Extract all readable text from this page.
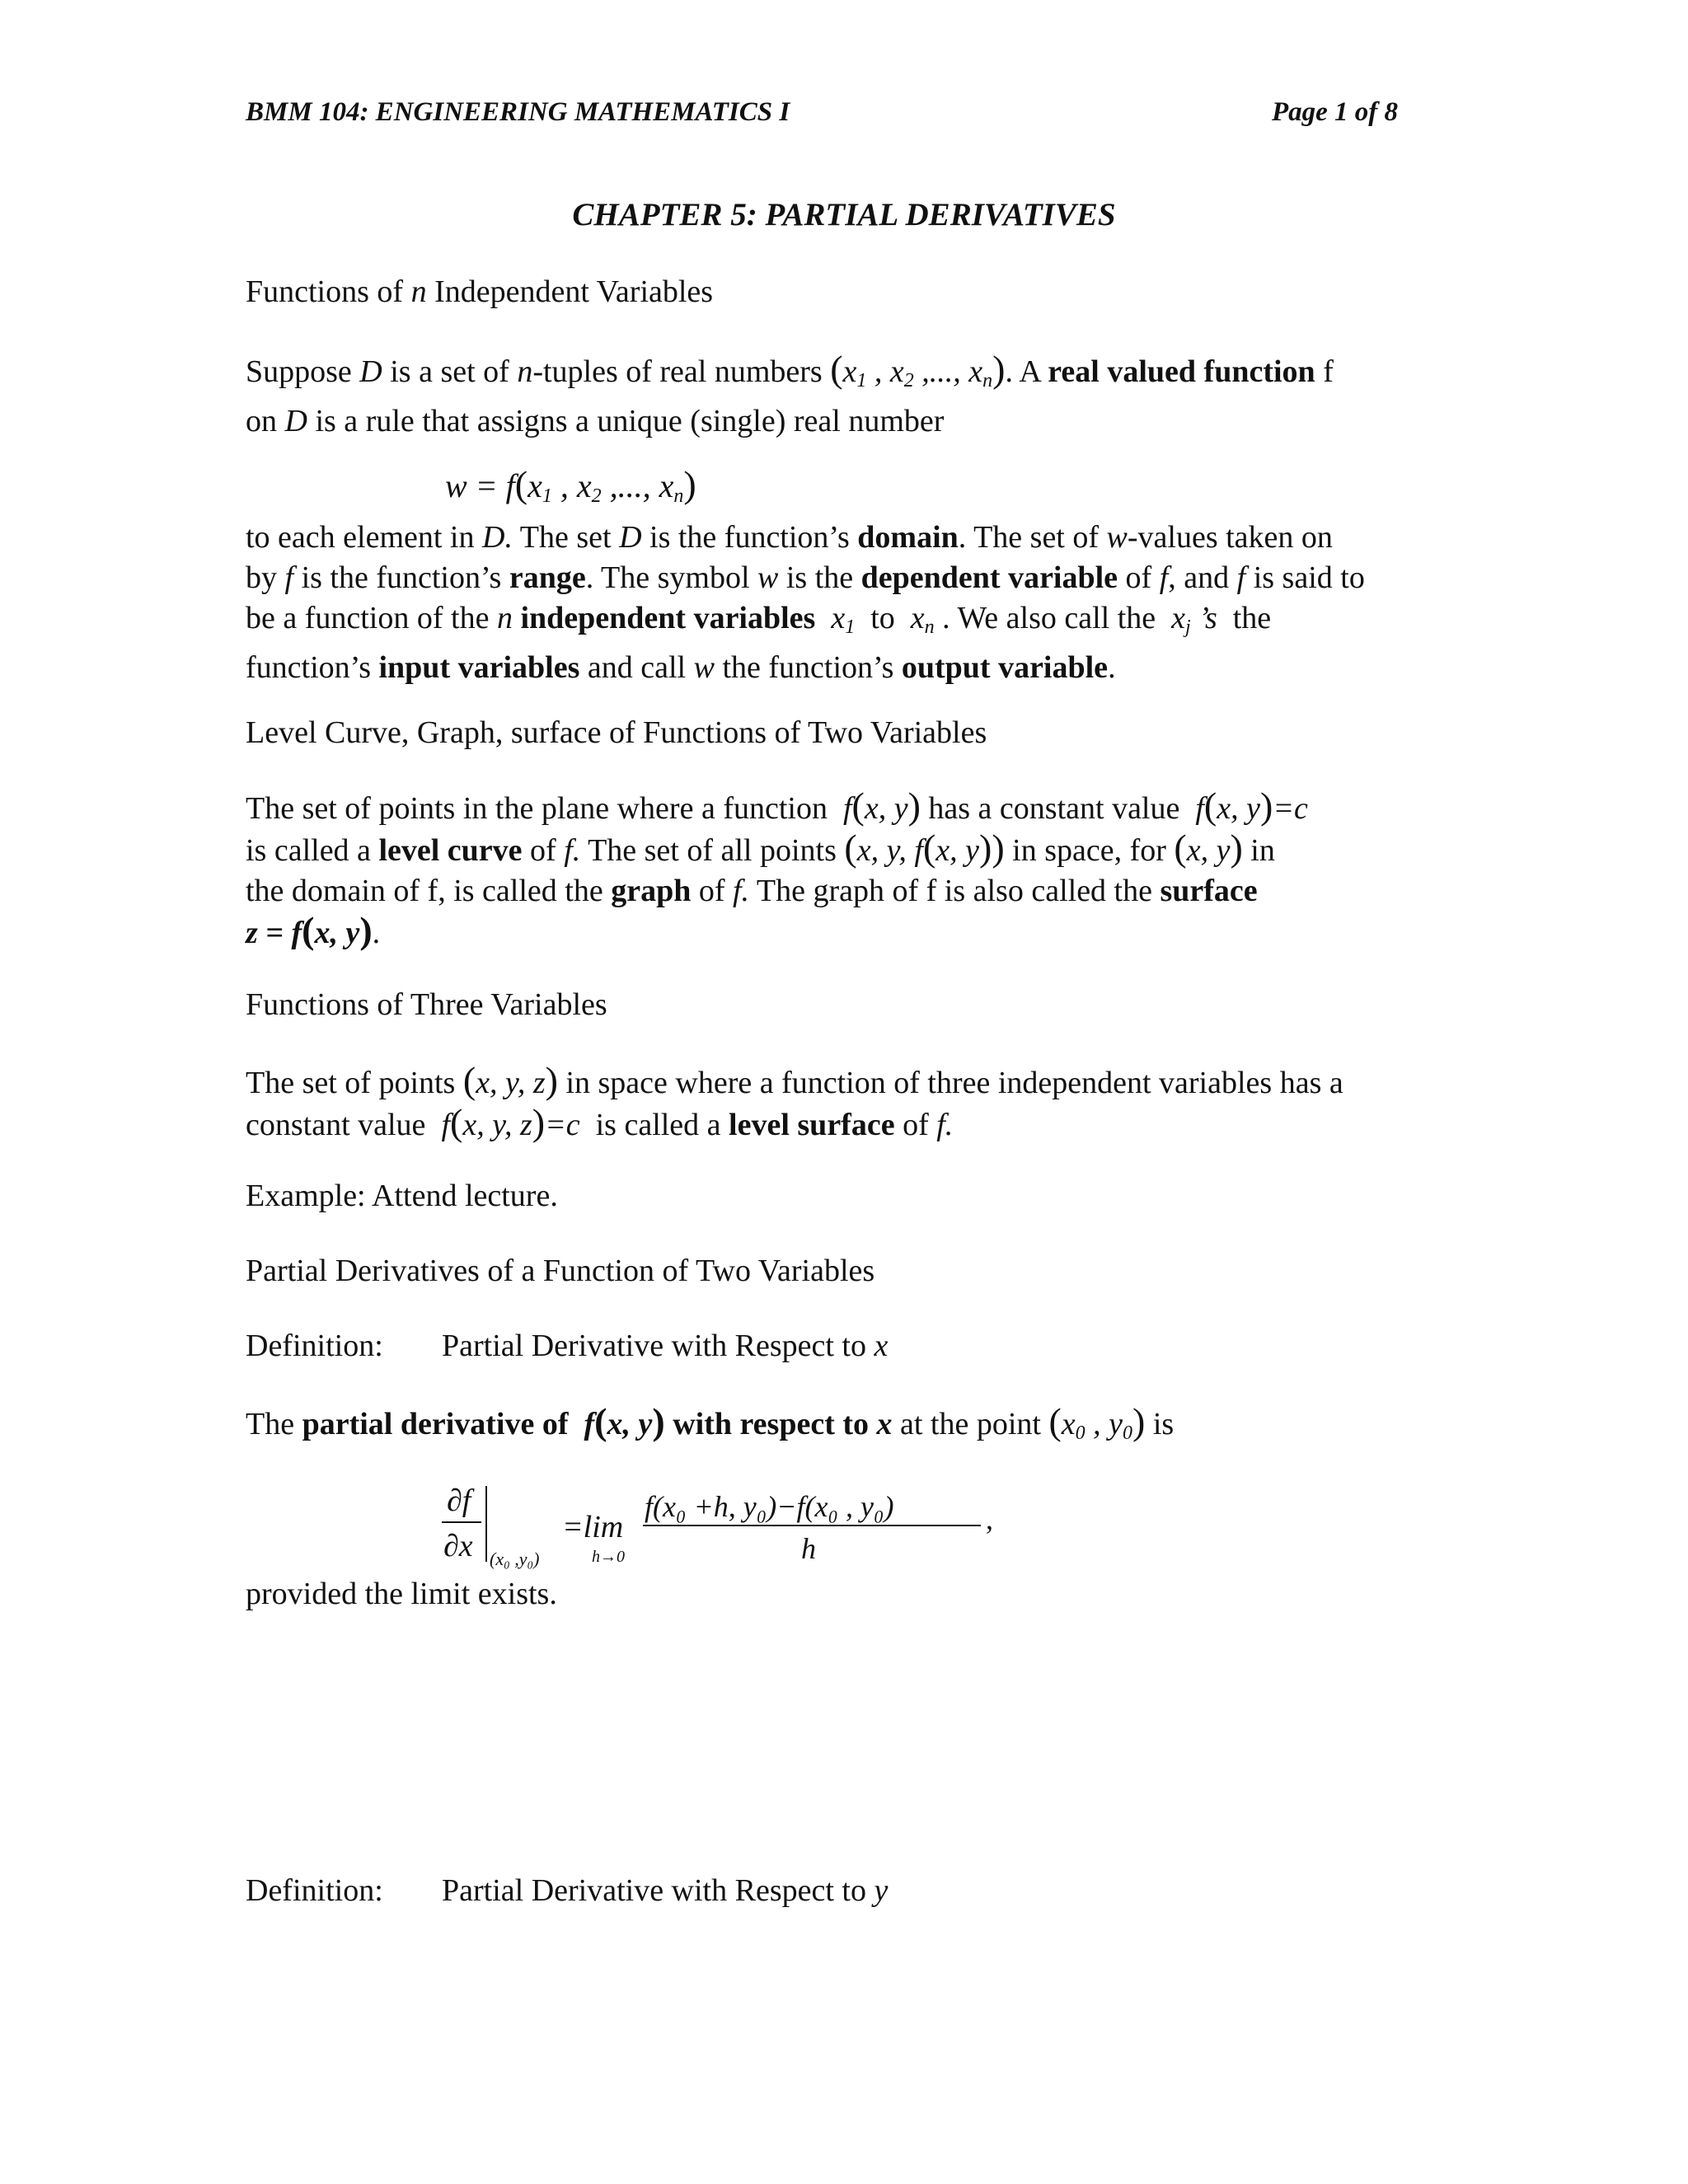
BMM 104: ENGINEERING MATHEMATICS I	Page 1 of 8
CHAPTER 5: PARTIAL DERIVATIVES
Functions of n Independent Variables
Suppose D is a set of n-tuples of real numbers ($x_1$ , $x_2$ ,..., $x_n$). A real valued function f
on D is a rule that assigns a unique (single) real number
$w = f(x_1$ , $x_2$ ,..., $x_n$)
to each element in D. The set D is the function’s domain. The set of w-values taken on
by f is the function’s range. The symbol w is the dependent variable of f, and f is said to
be a function of the n independent variables $x_1$  to  $x_n$ . We also call the  $x_j$ ’s  the
function’s input variables and call w the function’s output variable.
Level Curve, Graph, surface of Functions of Two Variables
The set of points in the plane where a function  f(x, y) has a constant value  f(x, y)=c
is called a level curve of f. The set of all points (x, y, f(x, y)) in space, for (x, y) in
the domain of f, is called the graph of f. The graph of f is also called the surface
z = f(x, y).
Functions of Three Variables
The set of points (x, y, z) in space where a function of three independent variables has a
constant value  f(x, y, z)=c  is called a level surface of f.
Example: Attend lecture.
Partial Derivatives of a Function of Two Variables
Definition: Partial Derivative with Respect to x
The partial derivative of  f(x, y) with respect to x at the point ($x_0$ , $y_0$) is
∂f
∂x (x₀ ,y₀)
=lim
h→0
f(x₀ +h, y₀)−f(x₀ , y₀)
h
,
provided the limit exists.
Definition: Partial Derivative with Respect to y
